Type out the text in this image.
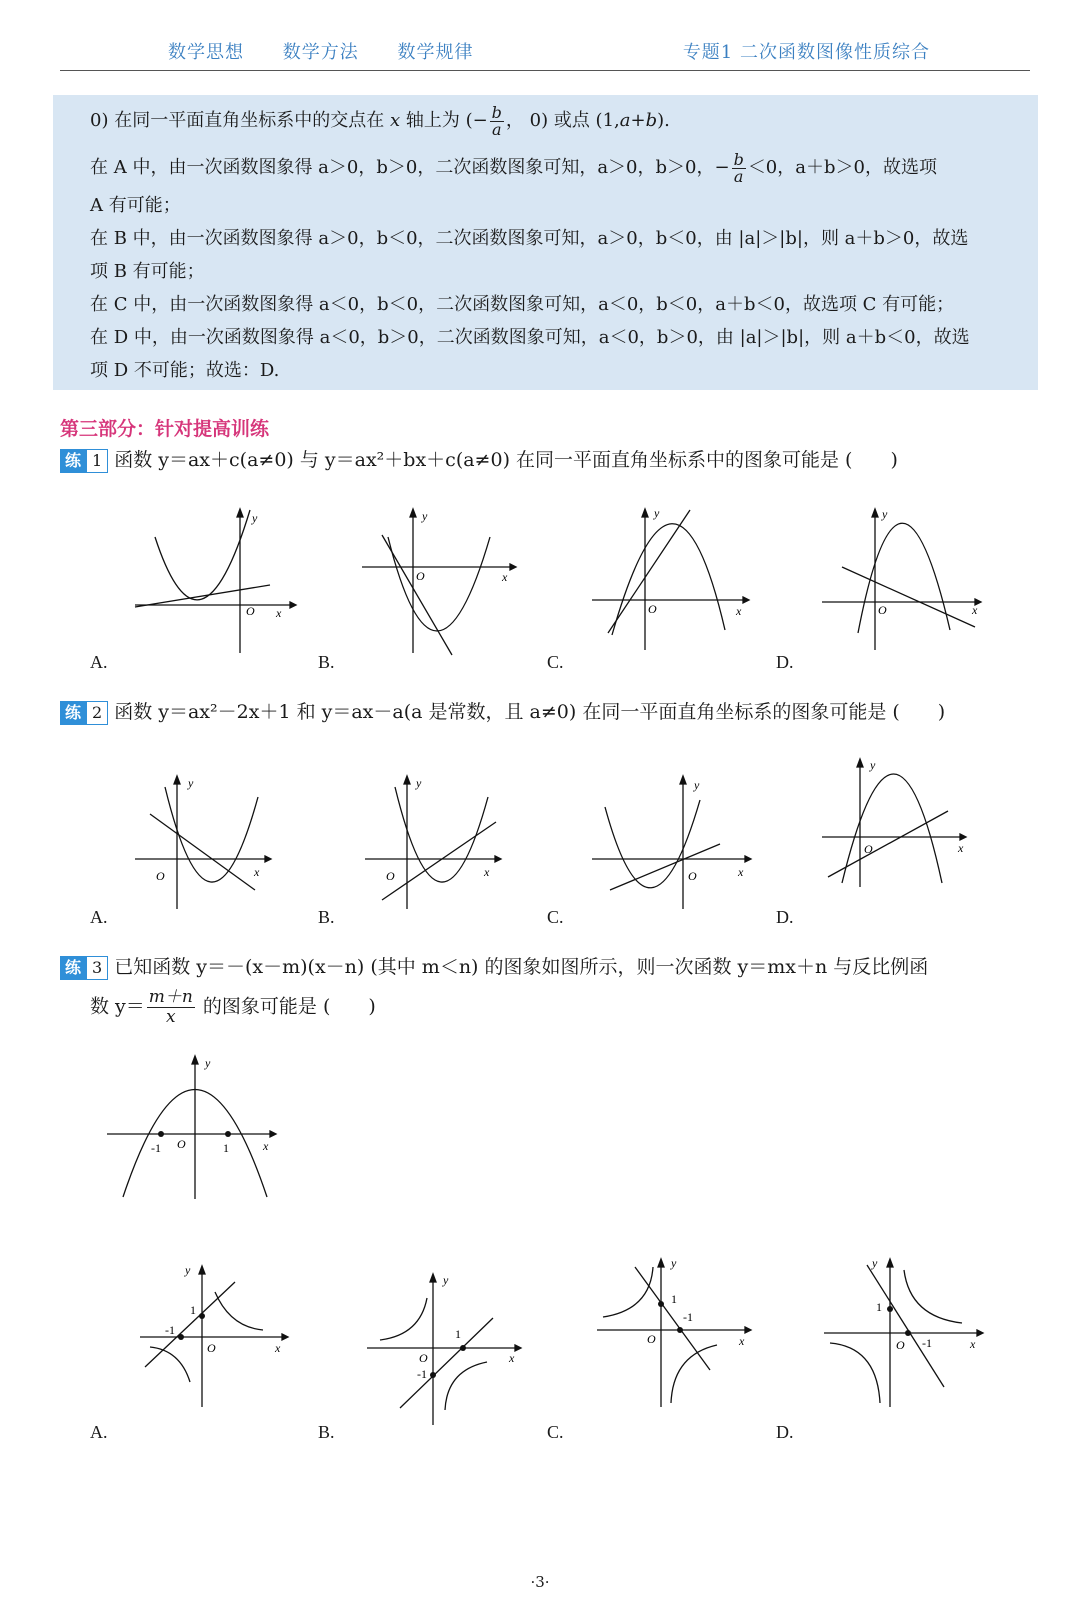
数学思想 数学方法 数学规律	专题1 二次函数图像性质综合

0) 在同一平面直角坐标系中的交点在 x 轴上为 (− $\frac{b}{a}$ ， 0) 或点 (1,a+b).

在 A 中，由一次函数图象得 a＞0，b＞0，二次函数图象可知，a＞0，b＞0，− $\frac{b}{a} <0$，a＋b＞0，故选项

A 有可能；

在 B 中，由一次函数图象得 a＞0，b＜0，二次函数图象可知，a＞0，b＜0，由 |a|＞|b|，则 a＋b＞0，故选

项 B 有可能；

在 C 中，由一次函数图象得 a＜0，b＜0，二次函数图象可知，a＜0，b＜0，a＋b＜0，故选项 C 有可能；

在 D 中，由一次函数图象得 a＜0，b＞0，二次函数图象可知，a＜0，b＞0，由 |a|＞|b|，则 a＋b＜0，故选

项 D 不可能；故选：D.

第三部分：针对提高训练
练 1 函数 y＝ax＋c(a≠0) 与 y＝ax²＋bx＋c(a≠0) 在同一平面直角坐标系中的图象可能是 (　　)
O x
y
O	x
y
O	x
y
O	x
y
A.	B.	C.	D.
练 2 函数 y＝ax²－2x＋1 和 y＝ax－a(a 是常数，且 a≠0) 在同一平面直角坐标系的图象可能是 (　　)
O	x
y
O	x
y
O	x
y
O	x
y
A.	B.	C.	D.
练 3 已知函数 y＝－(x－m)(x－n) (其中 m＜n) 的图象如图所示，则一次函数 y＝mx＋n 与反比例函
数 $y= \frac{m+n}{x}$ 的图象可能是 (　　)
-1 O	1	x
y
1
-1
O	x
y
1
-1
O	x
y
1
-1
O	x
y
1
-1
O	x
y
A.	B.	C.	D.
·3·
